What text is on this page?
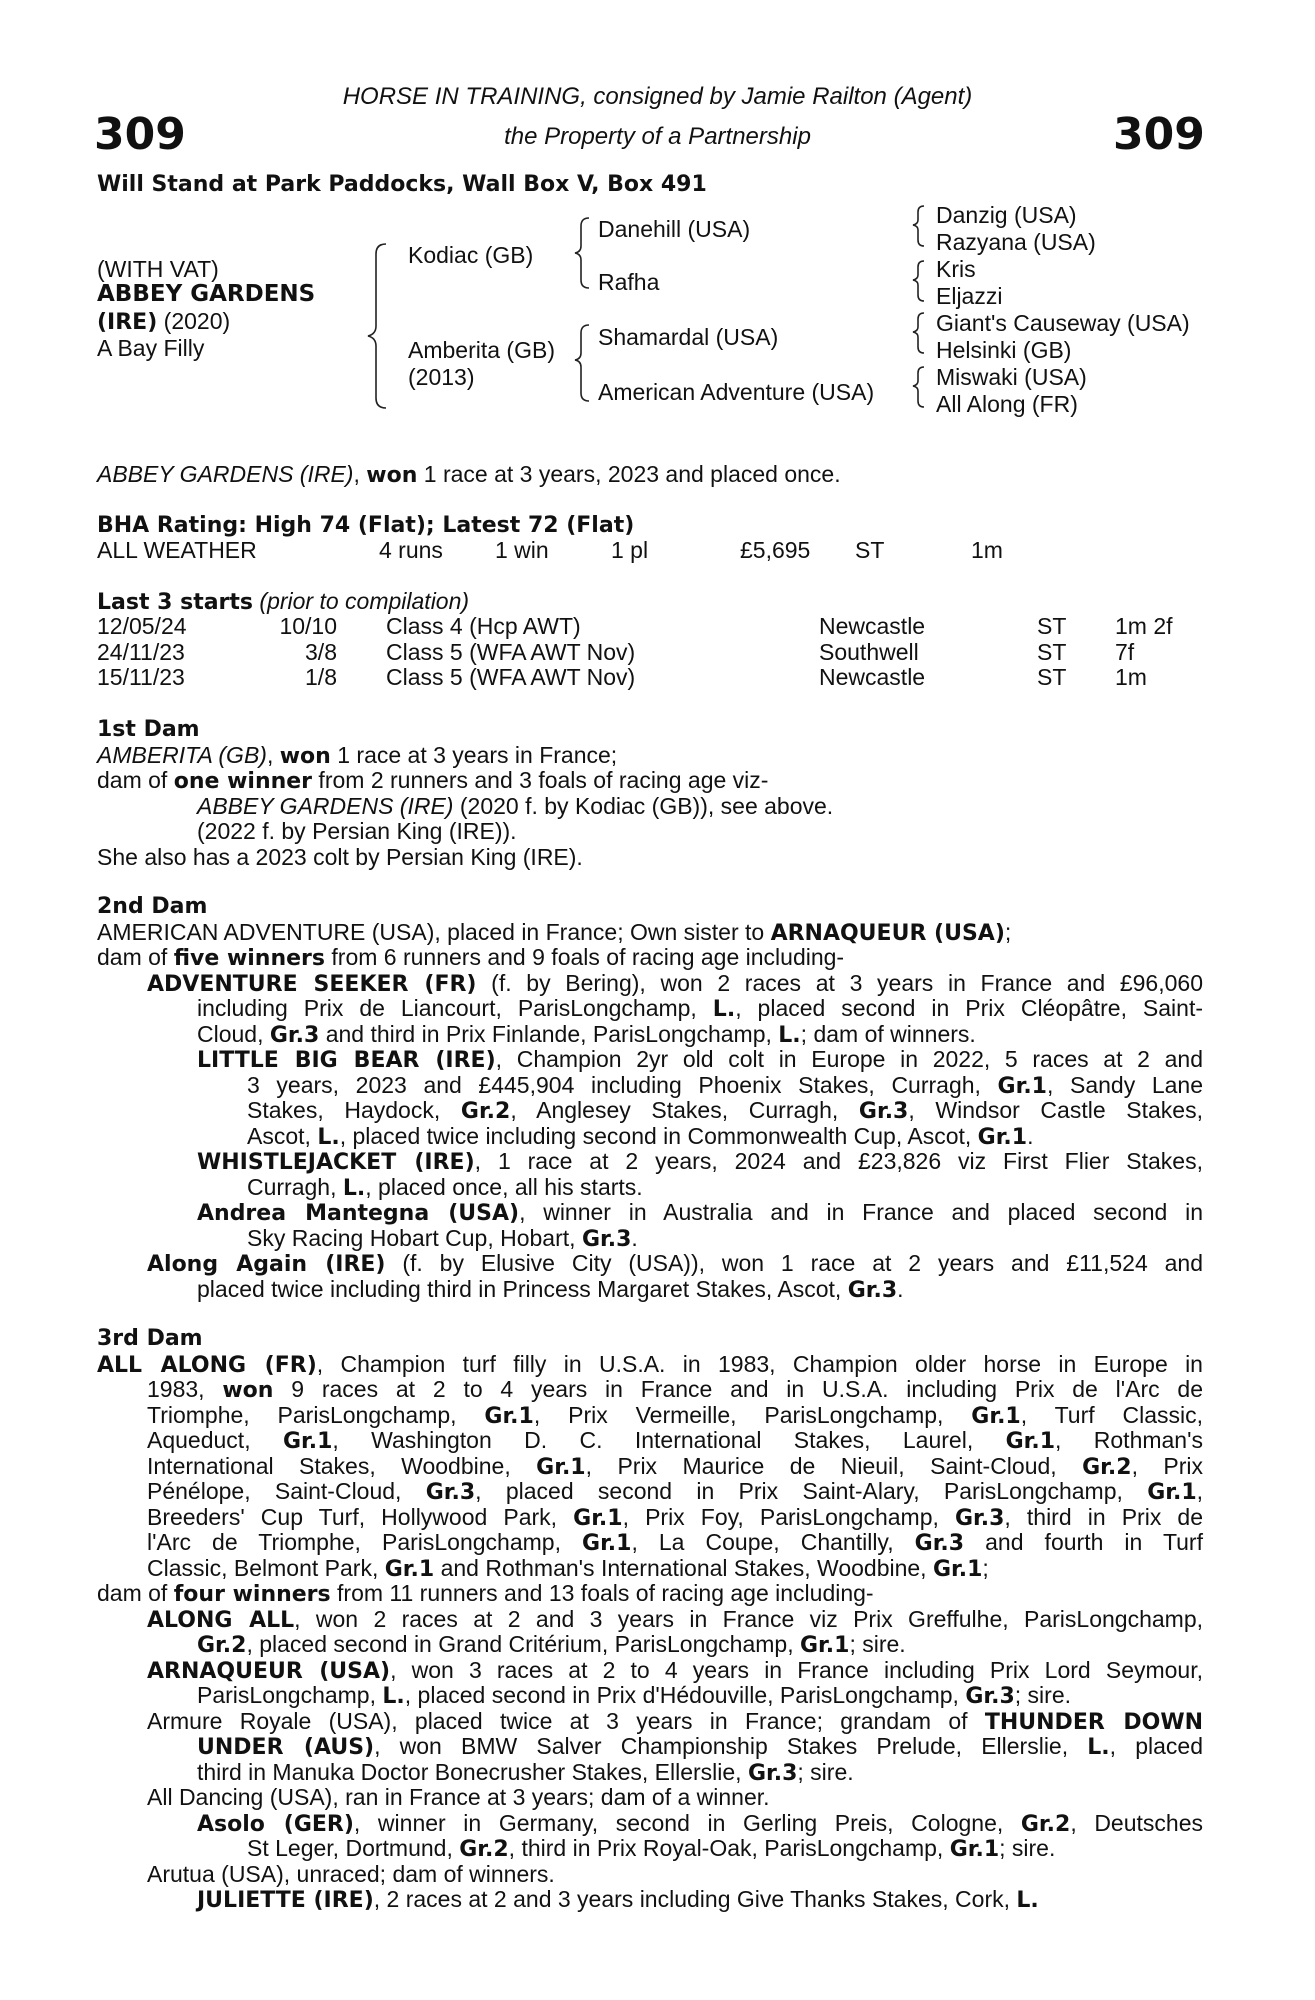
309	309
HORSE IN TRAINING, consigned by Jamie Railton (Agent)
the Property of a Partnership
Will Stand at Park Paddocks, Wall Box V, Box 491
(WITH VAT)
ABBEY GARDENS
(IRE) (2020)
A Bay Filly
Kodiac (GB)
Amberita (GB)
(2013)
Danehill (USA)
Rafha
Shamardal (USA)
American Adventure (USA)
Danzig (USA)
Razyana (USA)
Kris
Eljazzi
Giant's Causeway (USA)
Helsinki (GB)
Miswaki (USA)
All Along (FR)
ABBEY GARDENS (IRE), won 1 race at 3 years, 2023 and placed once.
BHA Rating: High 74 (Flat); Latest 72 (Flat)
ALL WEATHER	4 runs 1 win	1 pl	£5,695 ST	1m
Last 3 starts (prior to compilation)
12/05/24	10/10 Class 4 (Hcp AWT)	Newcastle	ST 1m 2f
24/11/23	3/8 Class 5 (WFA AWT Nov)	Southwell	ST 7f
15/11/23	1/8 Class 5 (WFA AWT Nov)	Newcastle	ST 1m
1st Dam
AMBERITA (GB), won 1 race at 3 years in France;
dam of one winner from 2 runners and 3 foals of racing age viz-
ABBEY GARDENS (IRE) (2020 f. by Kodiac (GB)), see above.
(2022 f. by Persian King (IRE)).
She also has a 2023 colt by Persian King (IRE).
2nd Dam
AMERICAN ADVENTURE (USA), placed in France; Own sister to ARNAQUEUR (USA);
dam of five winners from 6 runners and 9 foals of racing age including-
ADVENTURE SEEKER (FR) (f. by Bering), won 2 races at 3 years in France and £96,060
including Prix de Liancourt, ParisLongchamp, L., placed second in Prix Cléopâtre, Saint-
Cloud, Gr.3 and third in Prix Finlande, ParisLongchamp, L.; dam of winners.
LITTLE BIG BEAR (IRE), Champion 2yr old colt in Europe in 2022, 5 races at 2 and
3 years, 2023 and £445,904 including Phoenix Stakes, Curragh, Gr.1, Sandy Lane
Stakes, Haydock, Gr.2, Anglesey Stakes, Curragh, Gr.3, Windsor Castle Stakes,
Ascot, L., placed twice including second in Commonwealth Cup, Ascot, Gr.1.
WHISTLEJACKET (IRE), 1 race at 2 years, 2024 and £23,826 viz First Flier Stakes,
Curragh, L., placed once, all his starts.
Andrea Mantegna (USA), winner in Australia and in France and placed second in
Sky Racing Hobart Cup, Hobart, Gr.3.
Along Again (IRE) (f. by Elusive City (USA)), won 1 race at 2 years and £11,524 and
placed twice including third in Princess Margaret Stakes, Ascot, Gr.3.
3rd Dam
ALL ALONG (FR), Champion turf filly in U.S.A. in 1983, Champion older horse in Europe in
1983, won 9 races at 2 to 4 years in France and in U.S.A. including Prix de l'Arc de
Triomphe, ParisLongchamp, Gr.1, Prix Vermeille, ParisLongchamp, Gr.1, Turf Classic,
Aqueduct, Gr.1, Washington D. C. International Stakes, Laurel, Gr.1, Rothman's
International Stakes, Woodbine, Gr.1, Prix Maurice de Nieuil, Saint-Cloud, Gr.2, Prix
Pénélope, Saint-Cloud, Gr.3, placed second in Prix Saint-Alary, ParisLongchamp, Gr.1,
Breeders' Cup Turf, Hollywood Park, Gr.1, Prix Foy, ParisLongchamp, Gr.3, third in Prix de
l'Arc de Triomphe, ParisLongchamp, Gr.1, La Coupe, Chantilly, Gr.3 and fourth in Turf
Classic, Belmont Park, Gr.1 and Rothman's International Stakes, Woodbine, Gr.1;
dam of four winners from 11 runners and 13 foals of racing age including-
ALONG ALL, won 2 races at 2 and 3 years in France viz Prix Greffulhe, ParisLongchamp,
Gr.2, placed second in Grand Critérium, ParisLongchamp, Gr.1; sire.
ARNAQUEUR (USA), won 3 races at 2 to 4 years in France including Prix Lord Seymour,
ParisLongchamp, L., placed second in Prix d'Hédouville, ParisLongchamp, Gr.3; sire.
Armure Royale (USA), placed twice at 3 years in France; grandam of THUNDER DOWN
UNDER (AUS), won BMW Salver Championship Stakes Prelude, Ellerslie, L., placed
third in Manuka Doctor Bonecrusher Stakes, Ellerslie, Gr.3; sire.
All Dancing (USA), ran in France at 3 years; dam of a winner.
Asolo (GER), winner in Germany, second in Gerling Preis, Cologne, Gr.2, Deutsches
St Leger, Dortmund, Gr.2, third in Prix Royal-Oak, ParisLongchamp, Gr.1; sire.
Arutua (USA), unraced; dam of winners.
JULIETTE (IRE), 2 races at 2 and 3 years including Give Thanks Stakes, Cork, L.
